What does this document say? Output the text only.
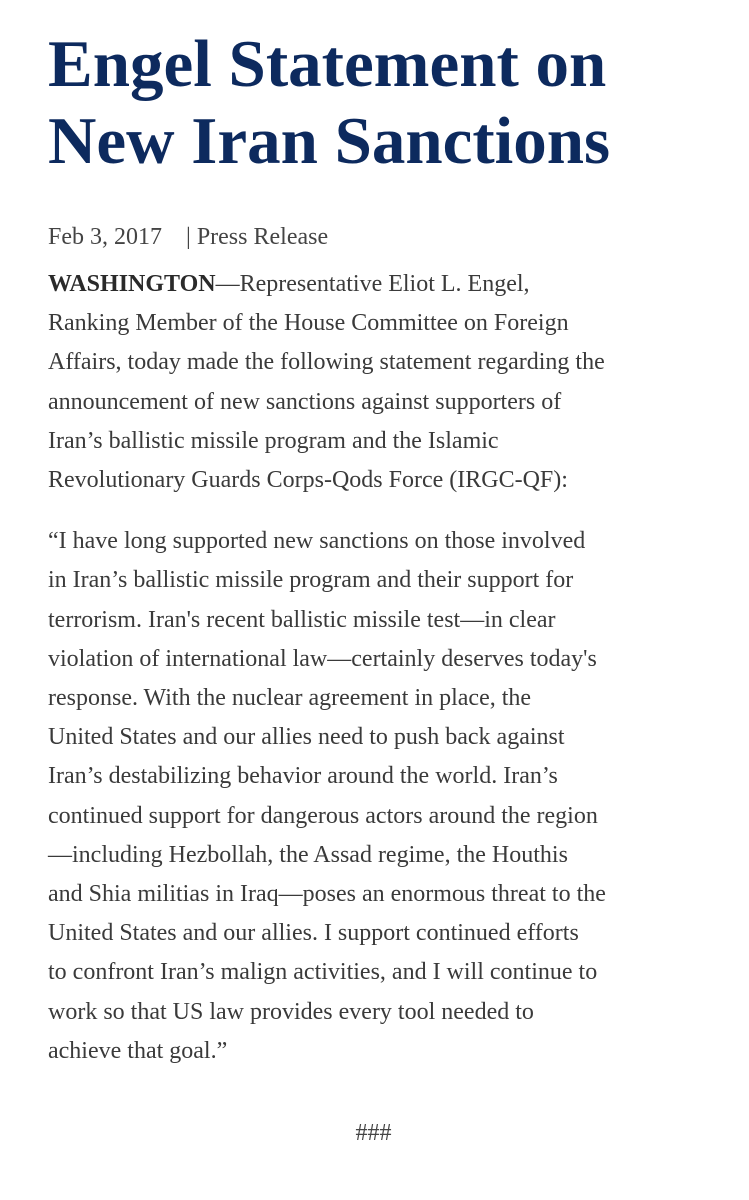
Engel Statement on
New Iran Sanctions
Feb 3, 2017 | Press Release
WASHINGTON—Representative Eliot L. Engel,
Ranking Member of the House Committee on Foreign
Affairs, today made the following statement regarding the
announcement of new sanctions against supporters of
Iran’s ballistic missile program and the Islamic
Revolutionary Guards Corps-Qods Force (IRGC-QF):
“I have long supported new sanctions on those involved
in Iran’s ballistic missile program and their support for
terrorism. Iran's recent ballistic missile test—in clear
violation of international law—certainly deserves today's
response. With the nuclear agreement in place, the
United States and our allies need to push back against
Iran’s destabilizing behavior around the world. Iran’s
continued support for dangerous actors around the region
—including Hezbollah, the Assad regime, the Houthis
and Shia militias in Iraq—poses an enormous threat to the
United States and our allies. I support continued efforts
to confront Iran’s malign activities, and I will continue to
work so that US law provides every tool needed to
achieve that goal.”
###
